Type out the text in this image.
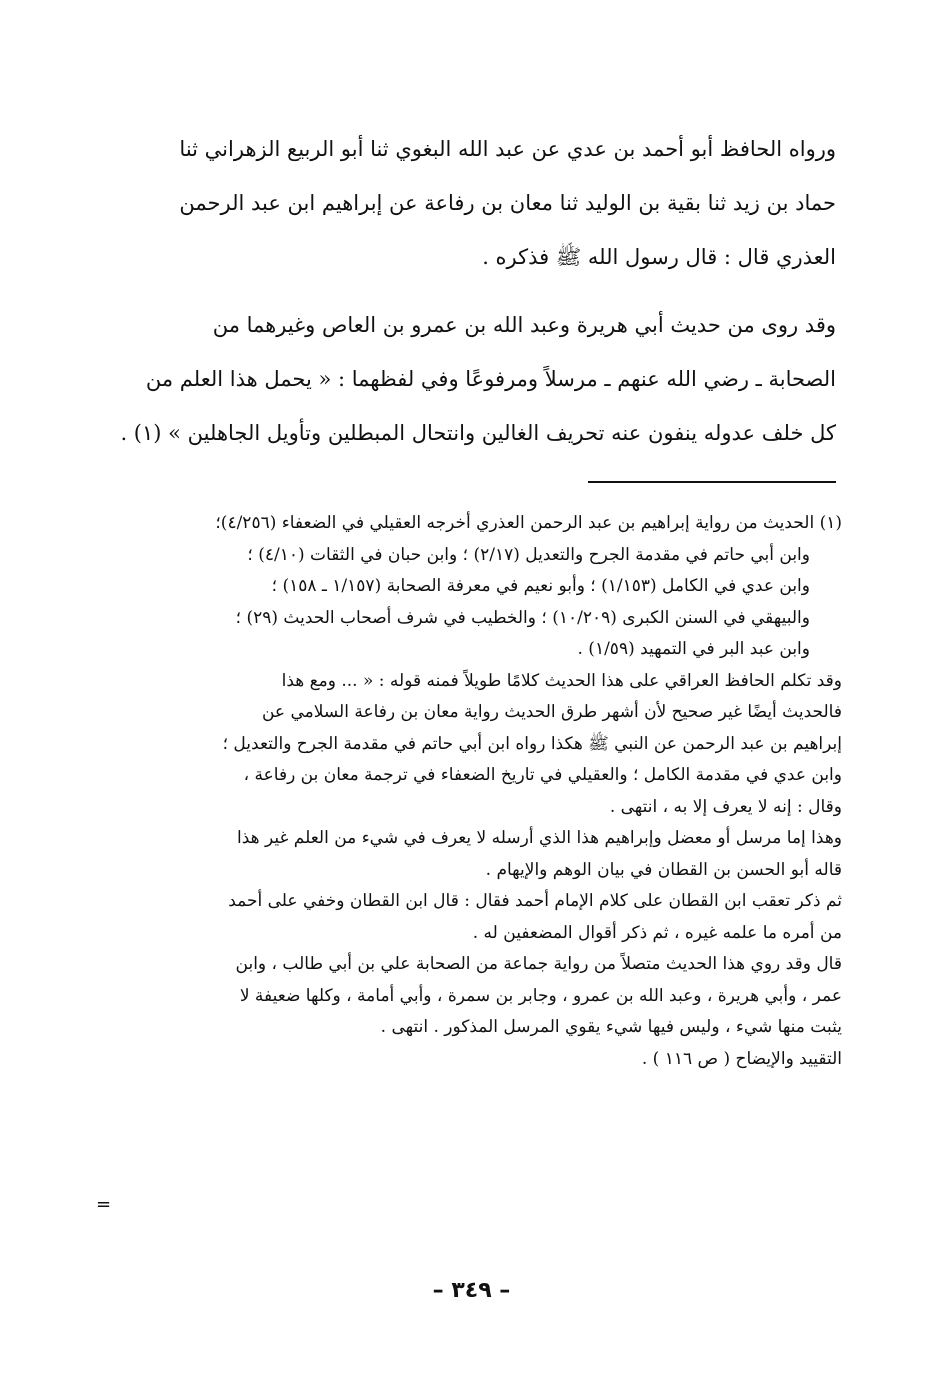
ورواه الحافظ أبو أحمد بن عدي عن عبد الله البغوي ثنا أبو الربيع الزهراني ثنا
حماد بن زيد ثنا بقية بن الوليد ثنا معان بن رفاعة عن إبراهيم ابن عبد الرحمن
العذري قال : قال رسول الله ﷺ فذكره .

وقد روى من حديث أبي هريرة وعبد الله بن عمرو بن العاص وغيرهما من
الصحابة ـ رضي الله عنهم ـ مرسلاً ومرفوعًا وفي لفظهما : « يحمل هذا العلم من
كل خلف عدوله ينفون عنه تحريف الغالين وانتحال المبطلين وتأويل الجاهلين » (١) .

(١) الحديث من رواية إبراهيم بن عبد الرحمن العذري أخرجه العقيلي في الضعفاء (٤/٢٥٦)؛
وابن أبي حاتم في مقدمة الجرح والتعديل (٢/١٧) ؛ وابن حبان في الثقات (٤/١٠) ؛
وابن عدي في الكامل (١/١٥٣) ؛ وأبو نعيم في معرفة الصحابة (١/١٥٧ ـ ١٥٨) ؛
والبيهقي في السنن الكبرى (١٠/٢٠٩) ؛ والخطيب في شرف أصحاب الحديث (٢٩) ؛
وابن عبد البر في التمهيد (١/٥٩) .

وقد تكلم الحافظ العراقي على هذا الحديث كلامًا طويلاً فمنه قوله : « ... ومع هذا
فالحديث أيضًا غير صحيح لأن أشهر طرق الحديث رواية معان بن رفاعة السلامي عن
إبراهيم بن عبد الرحمن عن النبي ﷺ هكذا رواه ابن أبي حاتم في مقدمة الجرح والتعديل ؛
وابن عدي في مقدمة الكامل ؛ والعقيلي في تاريخ الضعفاء في ترجمة معان بن رفاعة ،
وقال : إنه لا يعرف إلا به ، انتهى .

وهذا إما مرسل أو معضل وإبراهيم هذا الذي أرسله لا يعرف في شيء من العلم غير هذا
قاله أبو الحسن بن القطان في بيان الوهم والإيهام .

ثم ذكر تعقب ابن القطان على كلام الإمام أحمد فقال : قال ابن القطان وخفي على أحمد
من أمره ما علمه غيره ، ثم ذكر أقوال المضعفين له .

قال وقد روي هذا الحديث متصلاً من رواية جماعة من الصحابة علي بن أبي طالب ، وابن
عمر ، وأبي هريرة ، وعبد الله بن عمرو ، وجابر بن سمرة ، وأبي أمامة ، وكلها ضعيفة لا
يثبت منها شيء ، وليس فيها شيء يقوي المرسل المذكور . انتهى .

التقييد والإيضاح ( ص ١١٦ ) .

=
– ٣٤٩ –
